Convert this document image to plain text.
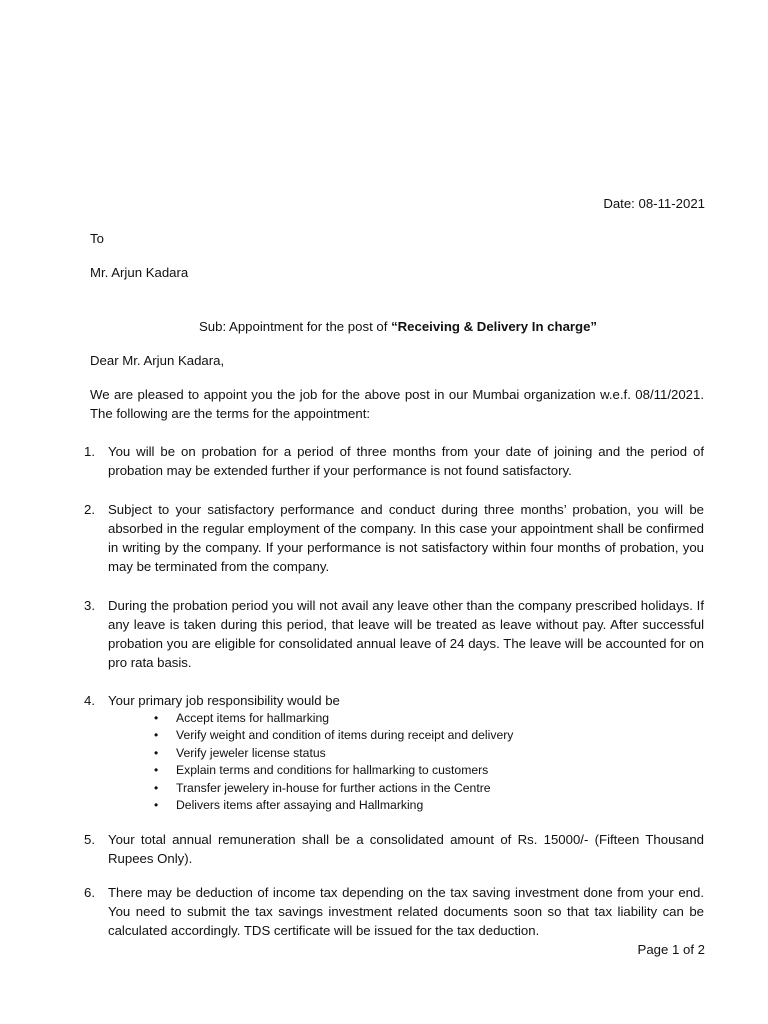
Date: 08-11-2021
To
Mr. Arjun Kadara
Sub: Appointment for the post of “Receiving & Delivery In charge”
Dear Mr. Arjun Kadara,
We are pleased to appoint you the job for the above post in our Mumbai organization w.e.f. 08/11/2021. The following are the terms for the appointment:
1. You will be on probation for a period of three months from your date of joining and the period of probation may be extended further if your performance is not found satisfactory.
2. Subject to your satisfactory performance and conduct during three months’ probation, you will be absorbed in the regular employment of the company. In this case your appointment shall be confirmed in writing by the company. If your performance is not satisfactory within four months of probation, you may be terminated from the company.
3. During the probation period you will not avail any leave other than the company prescribed holidays. If any leave is taken during this period, that leave will be treated as leave without pay. After successful probation you are eligible for consolidated annual leave of 24 days. The leave will be accounted for on pro rata basis.
4. Your primary job responsibility would be
• Accept items for hallmarking
• Verify weight and condition of items during receipt and delivery
• Verify jeweler license status
• Explain terms and conditions for hallmarking to customers
• Transfer jewelery in-house for further actions in the Centre
• Delivers items after assaying and Hallmarking
5. Your total annual remuneration shall be a consolidated amount of Rs. 15000/- (Fifteen Thousand Rupees Only).
6. There may be deduction of income tax depending on the tax saving investment done from your end. You need to submit the tax savings investment related documents soon so that tax liability can be calculated accordingly. TDS certificate will be issued for the tax deduction.
Page 1 of 2
